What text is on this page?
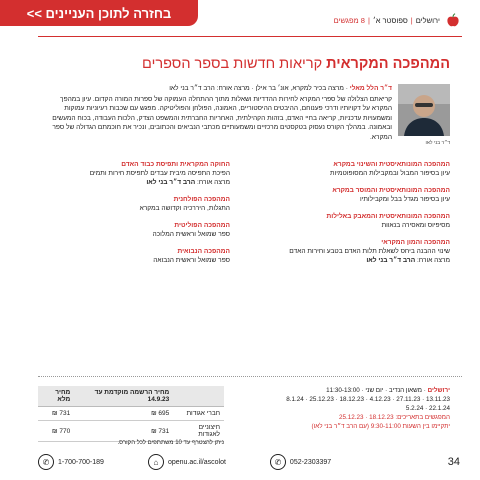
בחזרה לתוכן העניינים >>	ירושלים
|
ספוסטר א׳
|
8 מפגשים
המהפכה המקראית קריאות חדשות בספר הספרים
ד״ר בני לאו
ד״ר הלל מאלי · מרצה בכיר למקרא, אונ׳ בר אילן · מרצה אורח: הרב ד״ר בני לאו
קריאתם הצלולה של ספרי המקרא לחירות ההדדיות ושאלות מתוך ההתחלה העמוקה של ספרות המורה הקדום. עיון במהפך המקרא על דקויותיו ודרכי פענוחם, ההיבטים ההיסטוריים, האמונה, הפולחן והפוליטיקה. מפגש עם שכבות רעיוניות עמוקות ומשמעויות עדכניות, קריאה בחיי האדם, בזהות הקהילתית, האחריות החברתית והמשפט הצדק, הלכות העבודה, בכוח המעשים ובאמונה. במהלך הקורס נעסוק בטקסטים מרכזיים ומשמעותיים מכתבי הנביאים והכתובים, ונכיר את חוכמתם הגדולה של ספר המקרא.
המהפכה המונותאיסטית והשינוי במקרא
עיון בסיפור המבול ובמקבילות המסופוטמיות
המהפכה המונותאיסטית והמוסר במקרא
עיון בסיפור מגדל בבל ומקבילותיו
המהפכה המונותאיסטית והמאבק באלילות
מסיפיוס ומאסירה בנאוות
המהפכה והמון המקראי
שינוי ההבנה ביחס לשאלת תלות האדם בטבע וחירות האדם
מרצה אורח: הרב ד״ר בני לאו
החוקה המקראית ותפיסת כבוד האדם
הפיכת התפיסה מיבית עבדים לתפיסת חירות ותמים
מרצה אורח: הרב ד״ר בני לאו
המהפכה הפולחנית
התגלות, היררכיה וקדושה במקרא
המהפכה הפוליטית
ספר שמואל וראשית המלוכה
המהפכה הנבואית
ספר שמואל וראשית הנבואה
ירושלים · משאון הנדיב · יום שני · 11:30-13:00
13.11.23 · 27.11.23 · 4.12.23 · 18.12.23 · 25.12.23 · 8.1.24
22.1.24 · 5.2.24
המפגשים בתאריכים: 18.12.23 · 25.12.23
יתקיימו בין השעות 9:30-11:00 (עם הרב ד״ר בני לאו)
	מחיר הרשמה מוקדמת עד 14.9.23	מחיר מלא
חברי אגודות	695 ₪	731 ₪
חיצוניים לאגודות	731 ₪	770 ₪
ניתן להצטרף עד 10 משתתפים לכל הקורס.
✆	1-700-700-189	⌂	openu.ac.il/ascolot	✆	052-2303397	34
